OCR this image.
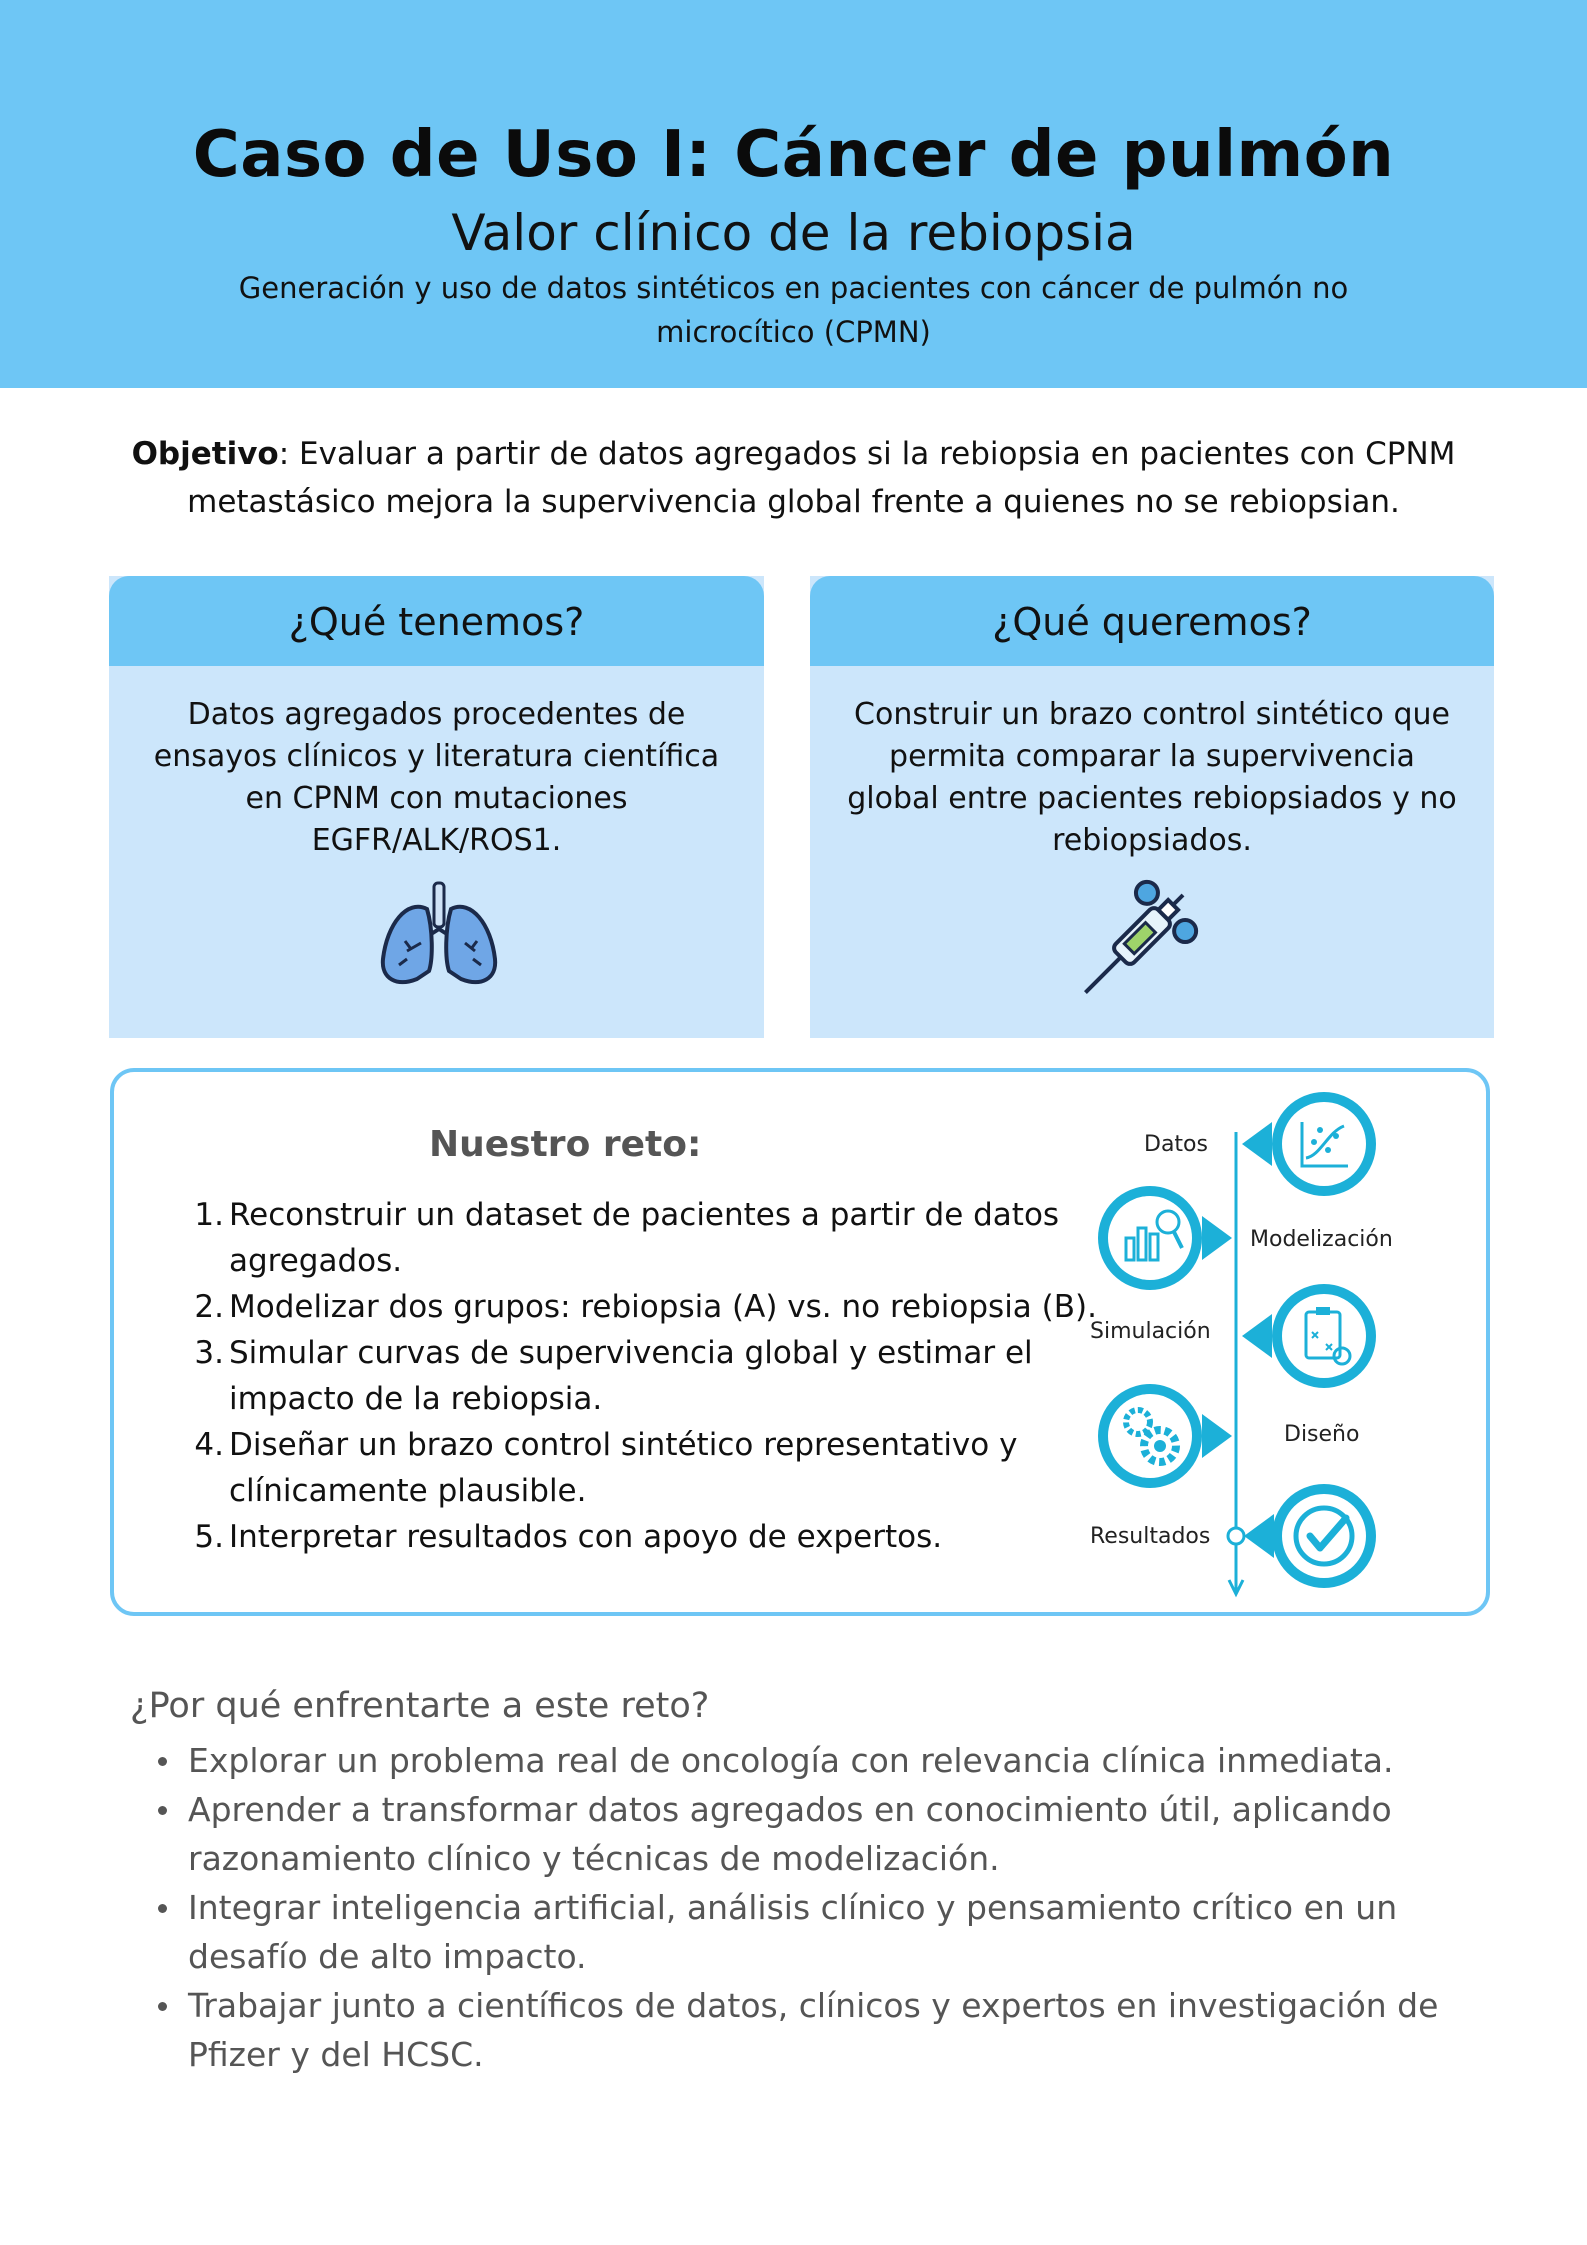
Caso de Uso I: Cáncer de pulmón
Valor clínico de la rebiopsia
Generación y uso de datos sintéticos en pacientes con cáncer de pulmón no microcítico (CPMN)
Objetivo: Evaluar a partir de datos agregados si la rebiopsia en pacientes con CPNM metastásico mejora la supervivencia global frente a quienes no se rebiopsian.
¿Qué tenemos?
Datos agregados procedentes de ensayos clínicos y literatura científica en CPNM con mutaciones EGFR/ALK/ROS1.
¿Qué queremos?
Construir un brazo control sintético que permita comparar la supervivencia global entre pacientes rebiopsiados y no rebiopsiados.
Nuestro reto:
1. Reconstruir un dataset de pacientes a partir de datos agregados.
2. Modelizar dos grupos: rebiopsia (A) vs. no rebiopsia (B).
3. Simular curvas de supervivencia global y estimar el impacto de la rebiopsia.
4. Diseñar un brazo control sintético representativo y clínicamente plausible.
5. Interpretar resultados con apoyo de expertos.
Datos
Modelización
Simulación
Diseño
Resultados
¿Por qué enfrentarte a este reto?
Explorar un problema real de oncología con relevancia clínica inmediata.
Aprender a transformar datos agregados en conocimiento útil, aplicando razonamiento clínico y técnicas de modelización.
Integrar inteligencia artificial, análisis clínico y pensamiento crítico en un desafío de alto impacto.
Trabajar junto a científicos de datos, clínicos y expertos en investigación de Pfizer y del HCSC.
